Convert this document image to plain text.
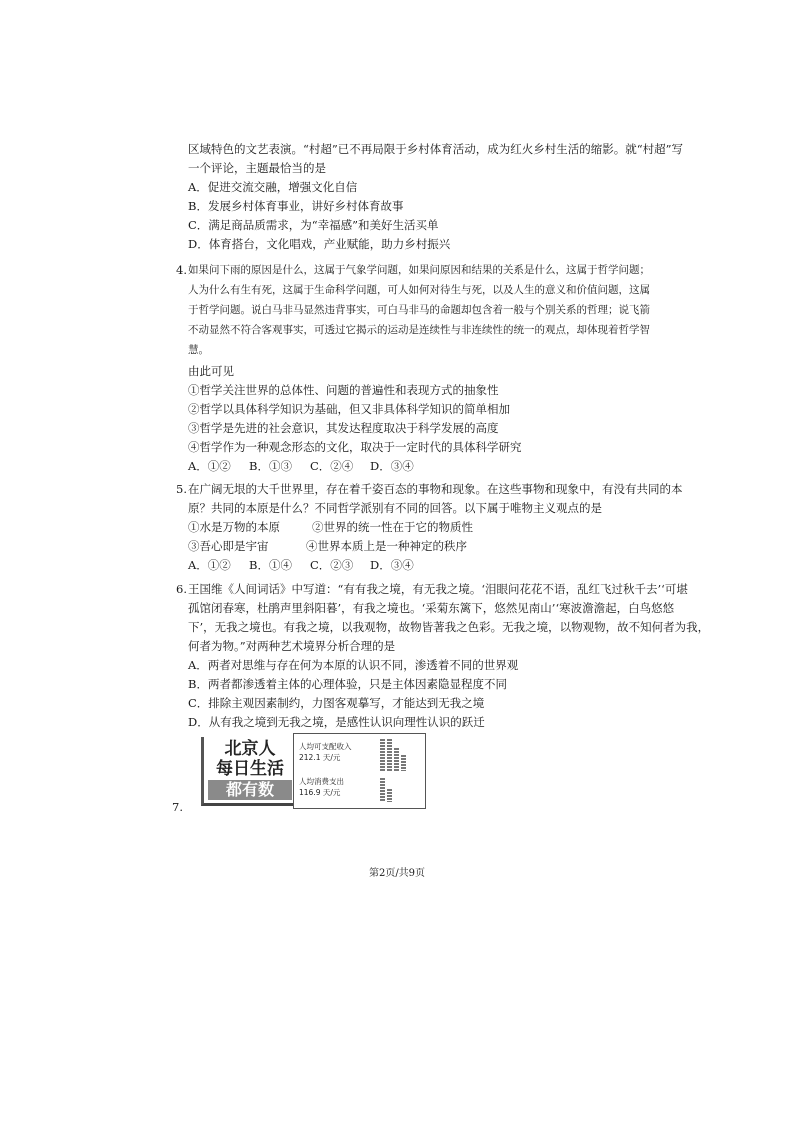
区域特色的文艺表演。“村超”已不再局限于乡村体育活动，成为红火乡村生活的缩影。就“村超”写
一个评论，主题最恰当的是
A．促进交流交融，增强文化自信
B．发展乡村体育事业，讲好乡村体育故事
C．满足商品质需求，为“幸福感”和美好生活买单
D．体育搭台，文化唱戏，产业赋能，助力乡村振兴
4. 如果问下雨的原因是什么，这属于气象学问题，如果问原因和结果的关系是什么，这属于哲学问题；
人为什么有生有死，这属于生命科学问题，可人如何对待生与死，以及人生的意义和价值问题，这属
于哲学问题。说白马非马显然违背事实，可白马非马的命题却包含着一般与个别关系的哲理；说飞箭
不动显然不符合客观事实，可透过它揭示的运动是连续性与非连续性的统一的观点，却体现着哲学智
慧。
由此可见
①哲学关注世界的总体性、问题的普遍性和表现方式的抽象性
②哲学以具体科学知识为基础，但又非具体科学知识的简单相加
③哲学是先进的社会意识，其发达程度取决于科学发展的高度
④哲学作为一种观念形态的文化，取决于一定时代的具体科学研究
A．①② B．①③ C．②④ D．③④
5. 在广阔无垠的大千世界里，存在着千姿百态的事物和现象。在这些事物和现象中，有没有共同的本
原？共同的本原是什么？不同哲学派别有不同的回答。以下属于唯物主义观点的是
①水是万物的本原	②世界的统一性在于它的物质性
③吾心即是宇宙	④世界本质上是一种神定的秩序
A．①② B．①④ C．②③ D．③④
6. 王国维《人间词话》中写道：“有有我之境，有无我之境。‘泪眼问花花不语，乱红飞过秋千去’‘可堪
孤馆闭春寒，杜鹃声里斜阳暮’，有我之境也。‘采菊东篱下，悠然见南山’‘寒波澹澹起，白鸟悠悠
下’，无我之境也。有我之境，以我观物，故物皆著我之色彩。无我之境，以物观物，故不知何者为我，
何者为物。”对两种艺术境界分析合理的是
A．两者对思维与存在何为本原的认识不同，渗透着不同的世界观
B．两者都渗透着主体的心理体验，只是主体因素隐显程度不同
C．排除主观因素制约，力图客观摹写，才能达到无我之境
D．从有我之境到无我之境，是感性认识向理性认识的跃迁
7.
北京人
每日生活
都有数
人均可支配收入
212.1 天/元
人均消费支出
116.9 天/元
第2页/共9页
